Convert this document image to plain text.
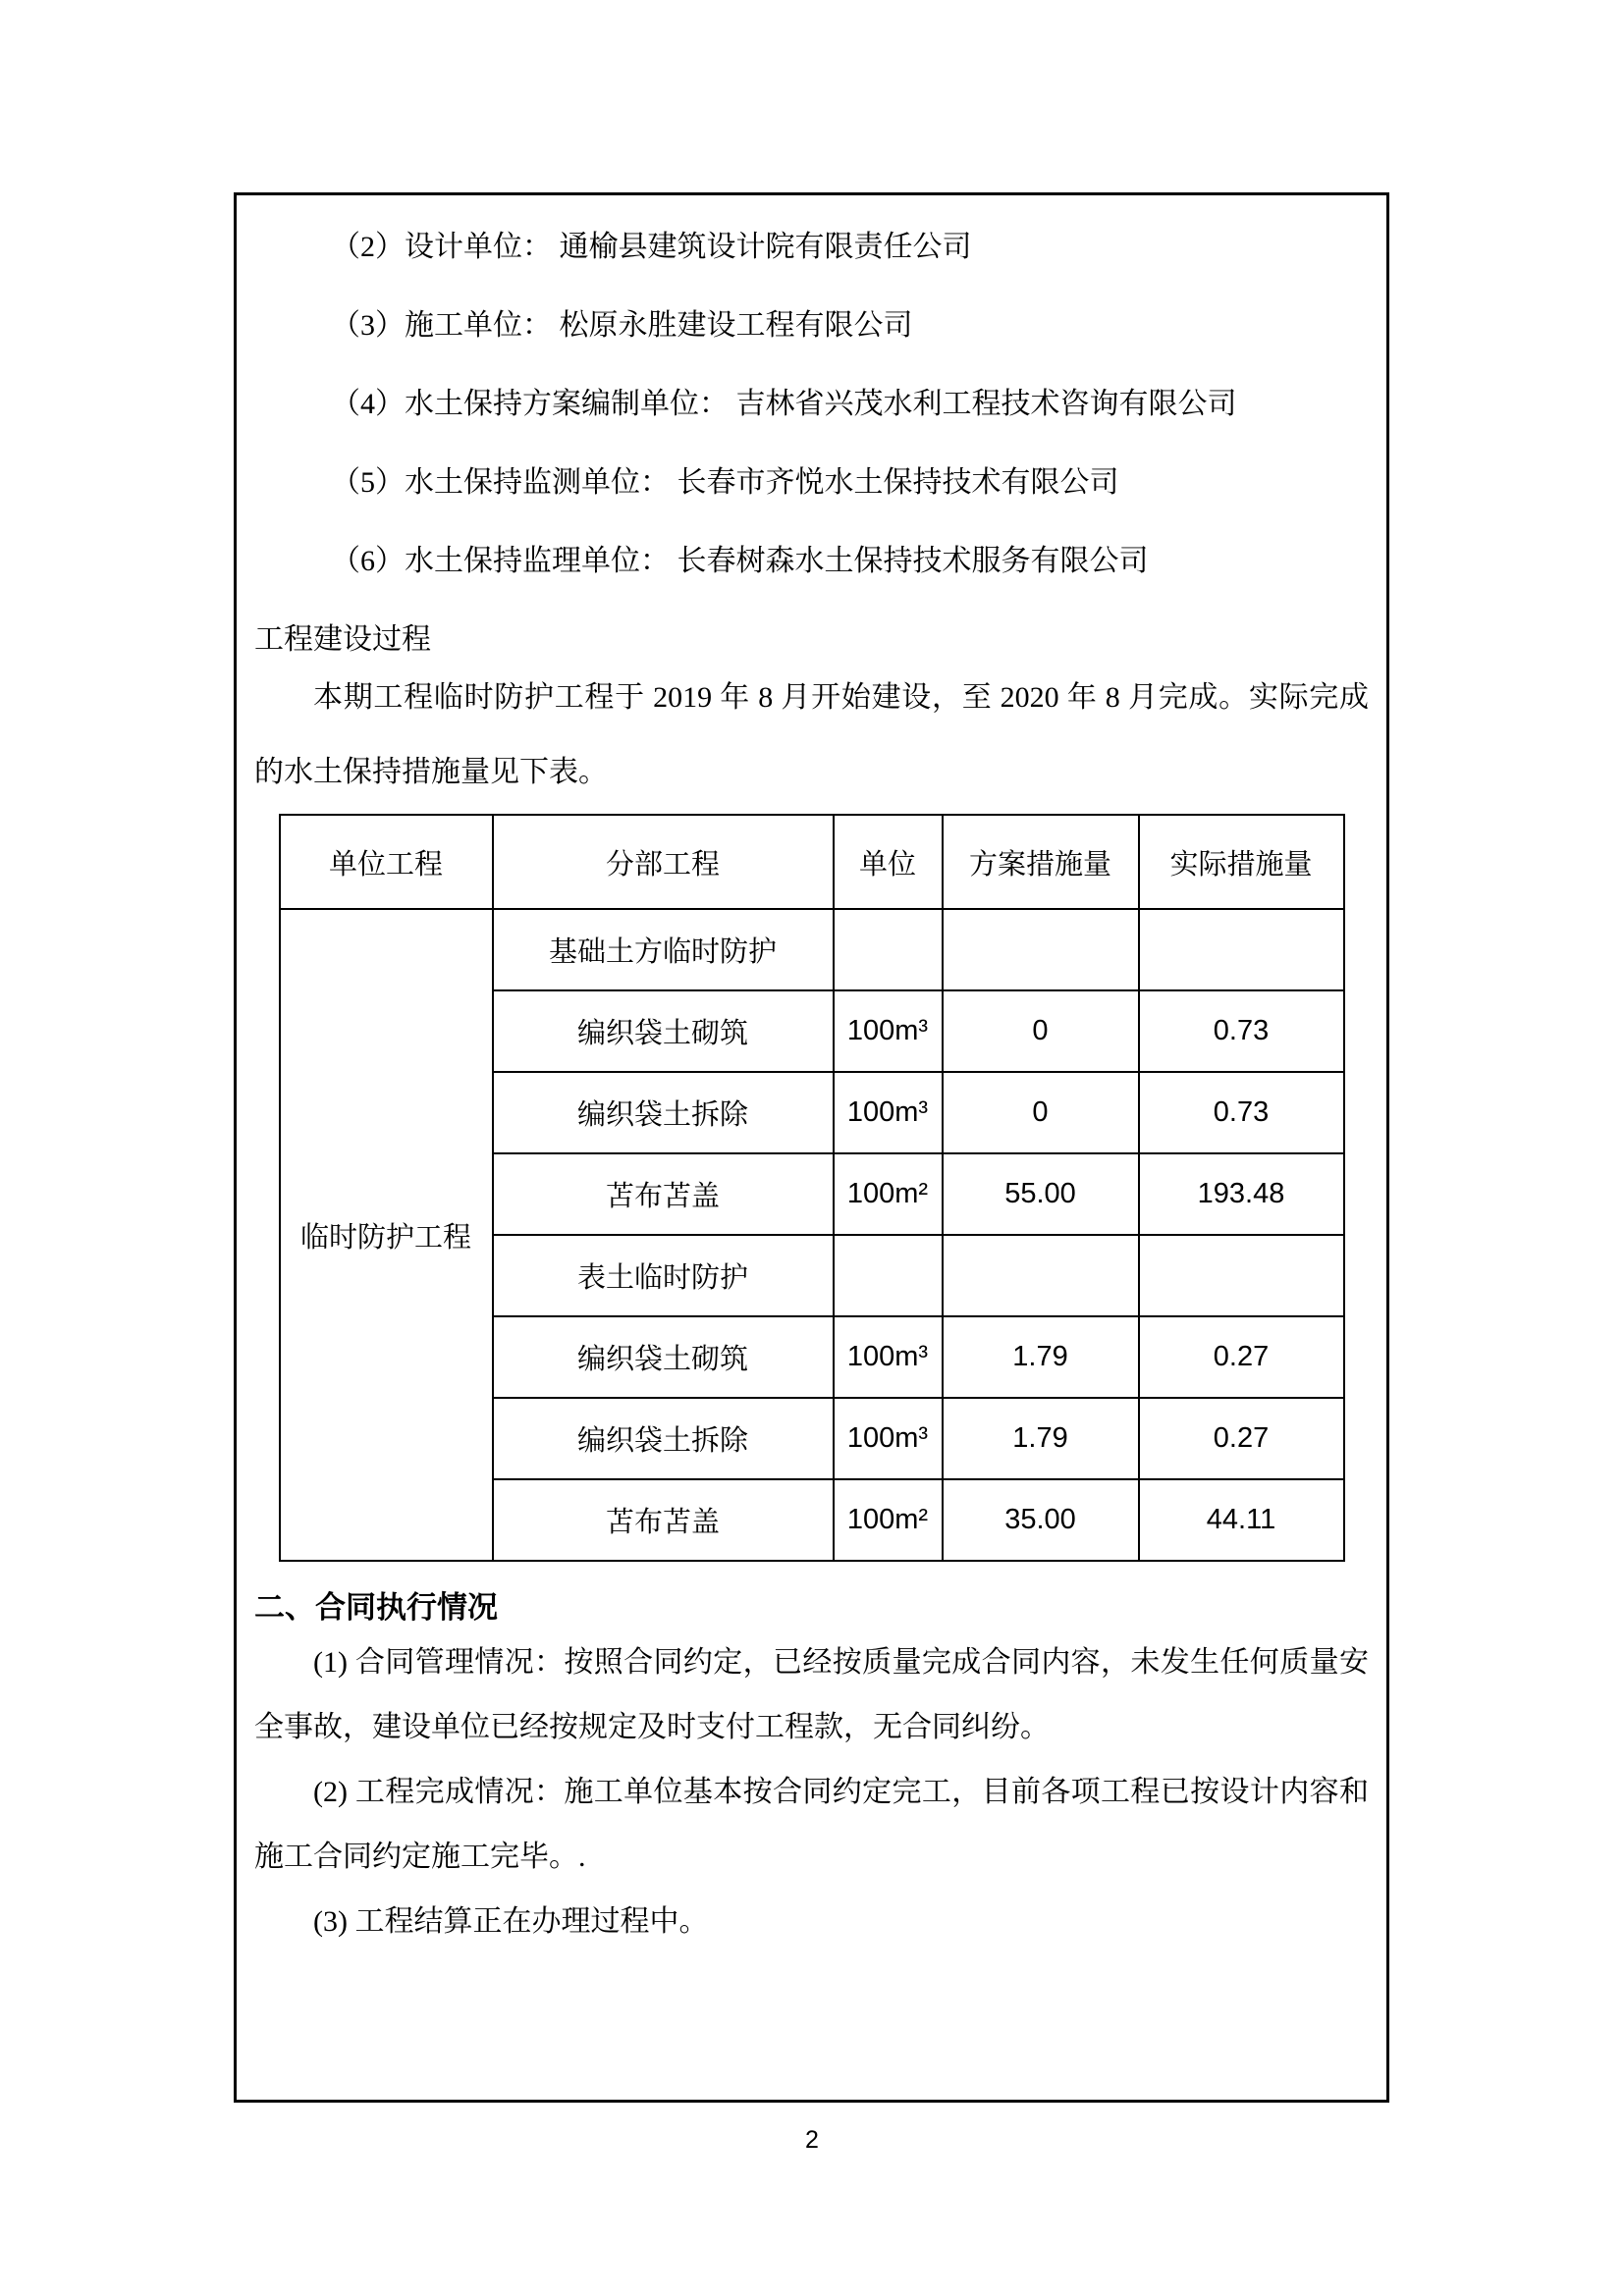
（2）设计单位： 通榆县建筑设计院有限责任公司

（3）施工单位： 松原永胜建设工程有限公司

（4）水土保持方案编制单位： 吉林省兴茂水利工程技术咨询有限公司

（5）水土保持监测单位： 长春市齐悦水土保持技术有限公司

（6）水土保持监理单位： 长春树森水土保持技术服务有限公司

工程建设过程

本期工程临时防护工程于 2019 年 8 月开始建设，至 2020 年 8 月完成。实际完成的水土保持措施量见下表。

单位工程	分部工程	单位	方案措施量	实际措施量
临时防护工程	基础土方临时防护			
	编织袋土砌筑	100m³	0	0.73
	编织袋土拆除	100m³	0	0.73
	苫布苫盖	100m²	55.00	193.48
	表土临时防护			
	编织袋土砌筑	100m³	1.79	0.27
	编织袋土拆除	100m³	1.79	0.27
	苫布苫盖	100m²	35.00	44.11

二、合同执行情况

(1) 合同管理情况：按照合同约定，已经按质量完成合同内容，未发生任何质量安全事故，建设单位已经按规定及时支付工程款，无合同纠纷。

(2) 工程完成情况：施工单位基本按合同约定完工，目前各项工程已按设计内容和施工合同约定施工完毕。.

(3) 工程结算正在办理过程中。

2
